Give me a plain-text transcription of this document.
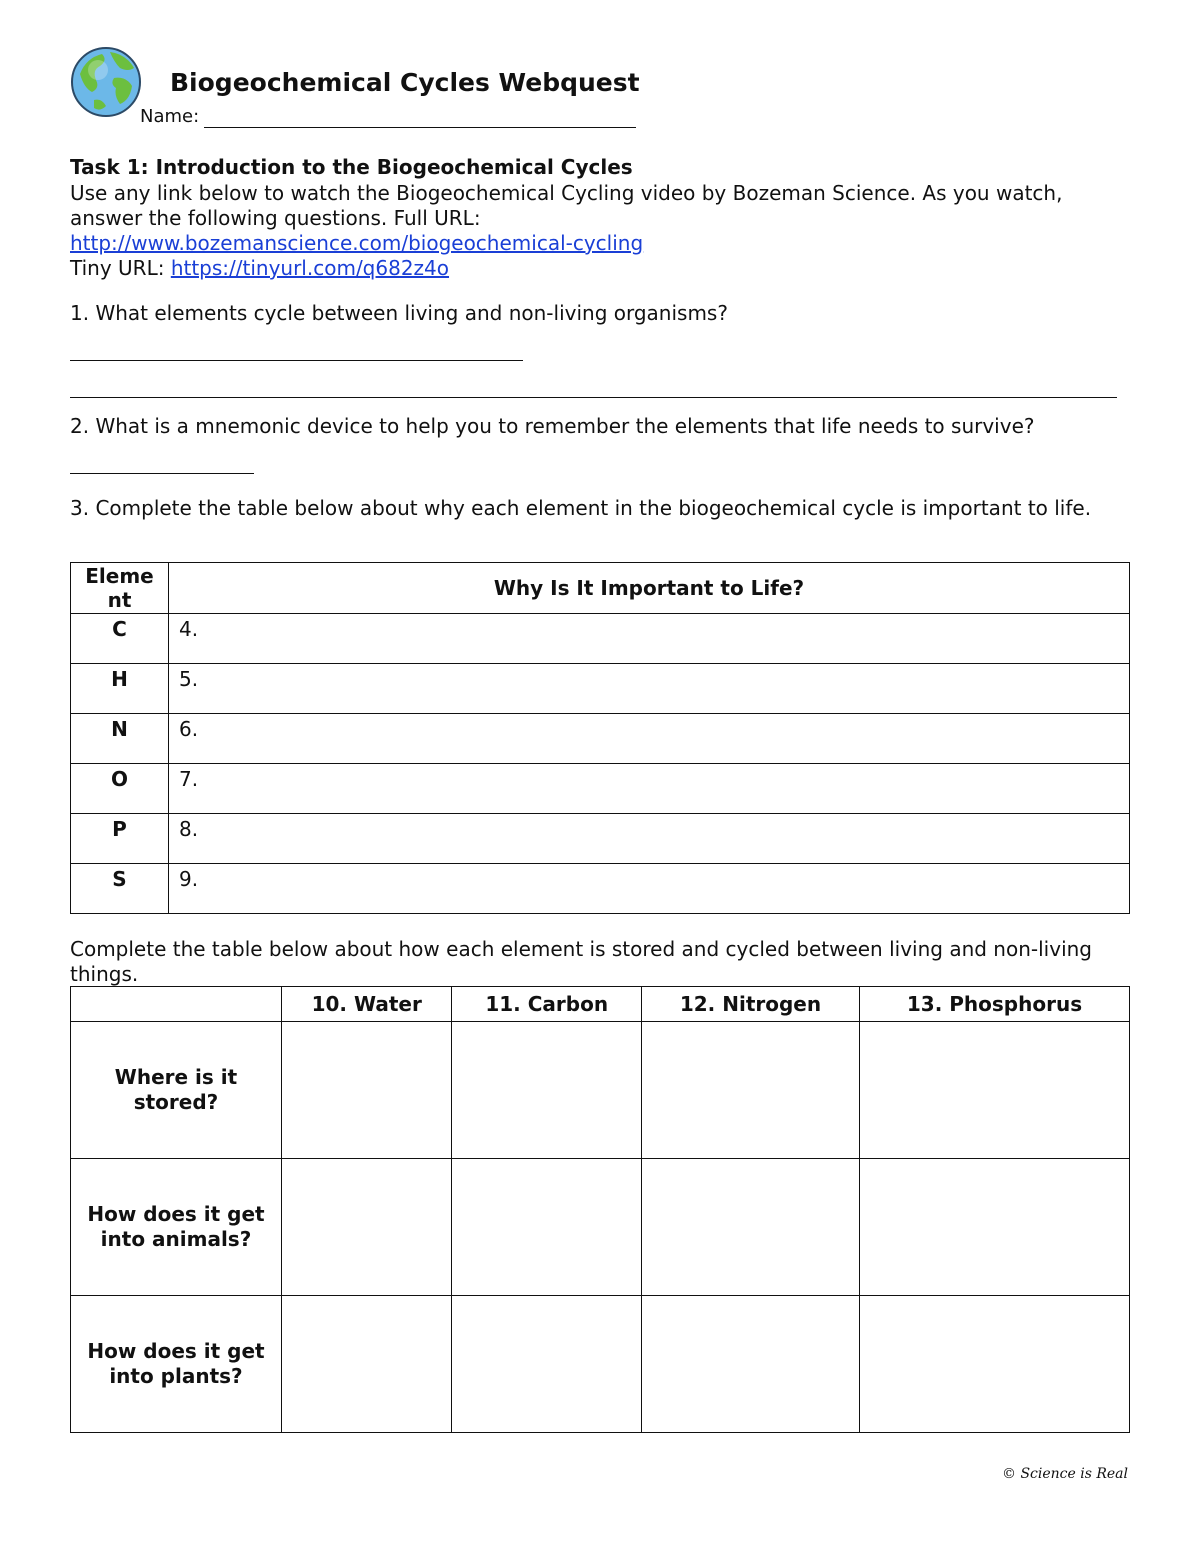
Biogeochemical Cycles Webquest
Name:
Task 1: Introduction to the Biogeochemical Cycles
Use any link below to watch the Biogeochemical Cycling video by Bozeman Science. As you watch, answer the following questions. Full URL:
http://www.bozemanscience.com/biogeochemical-cycling
Tiny URL: https://tinyurl.com/q682z4o
1. What elements cycle between living and non-living organisms?
2. What is a mnemonic device to help you to remember the elements that life needs to survive?
3. Complete the table below about why each element in the biogeochemical cycle is important to life.
Eleme
nt	Why Is It Important to Life?
C	4.
H	5.
N	6.
O	7.
P	8.
S	9.
Complete the table below about how each element is stored and cycled between living and non-living things.
	10. Water	11. Carbon	12. Nitrogen	13. Phosphorus
Where is it stored?				
How does it get into animals?				
How does it get into plants?				
© Science is Real
